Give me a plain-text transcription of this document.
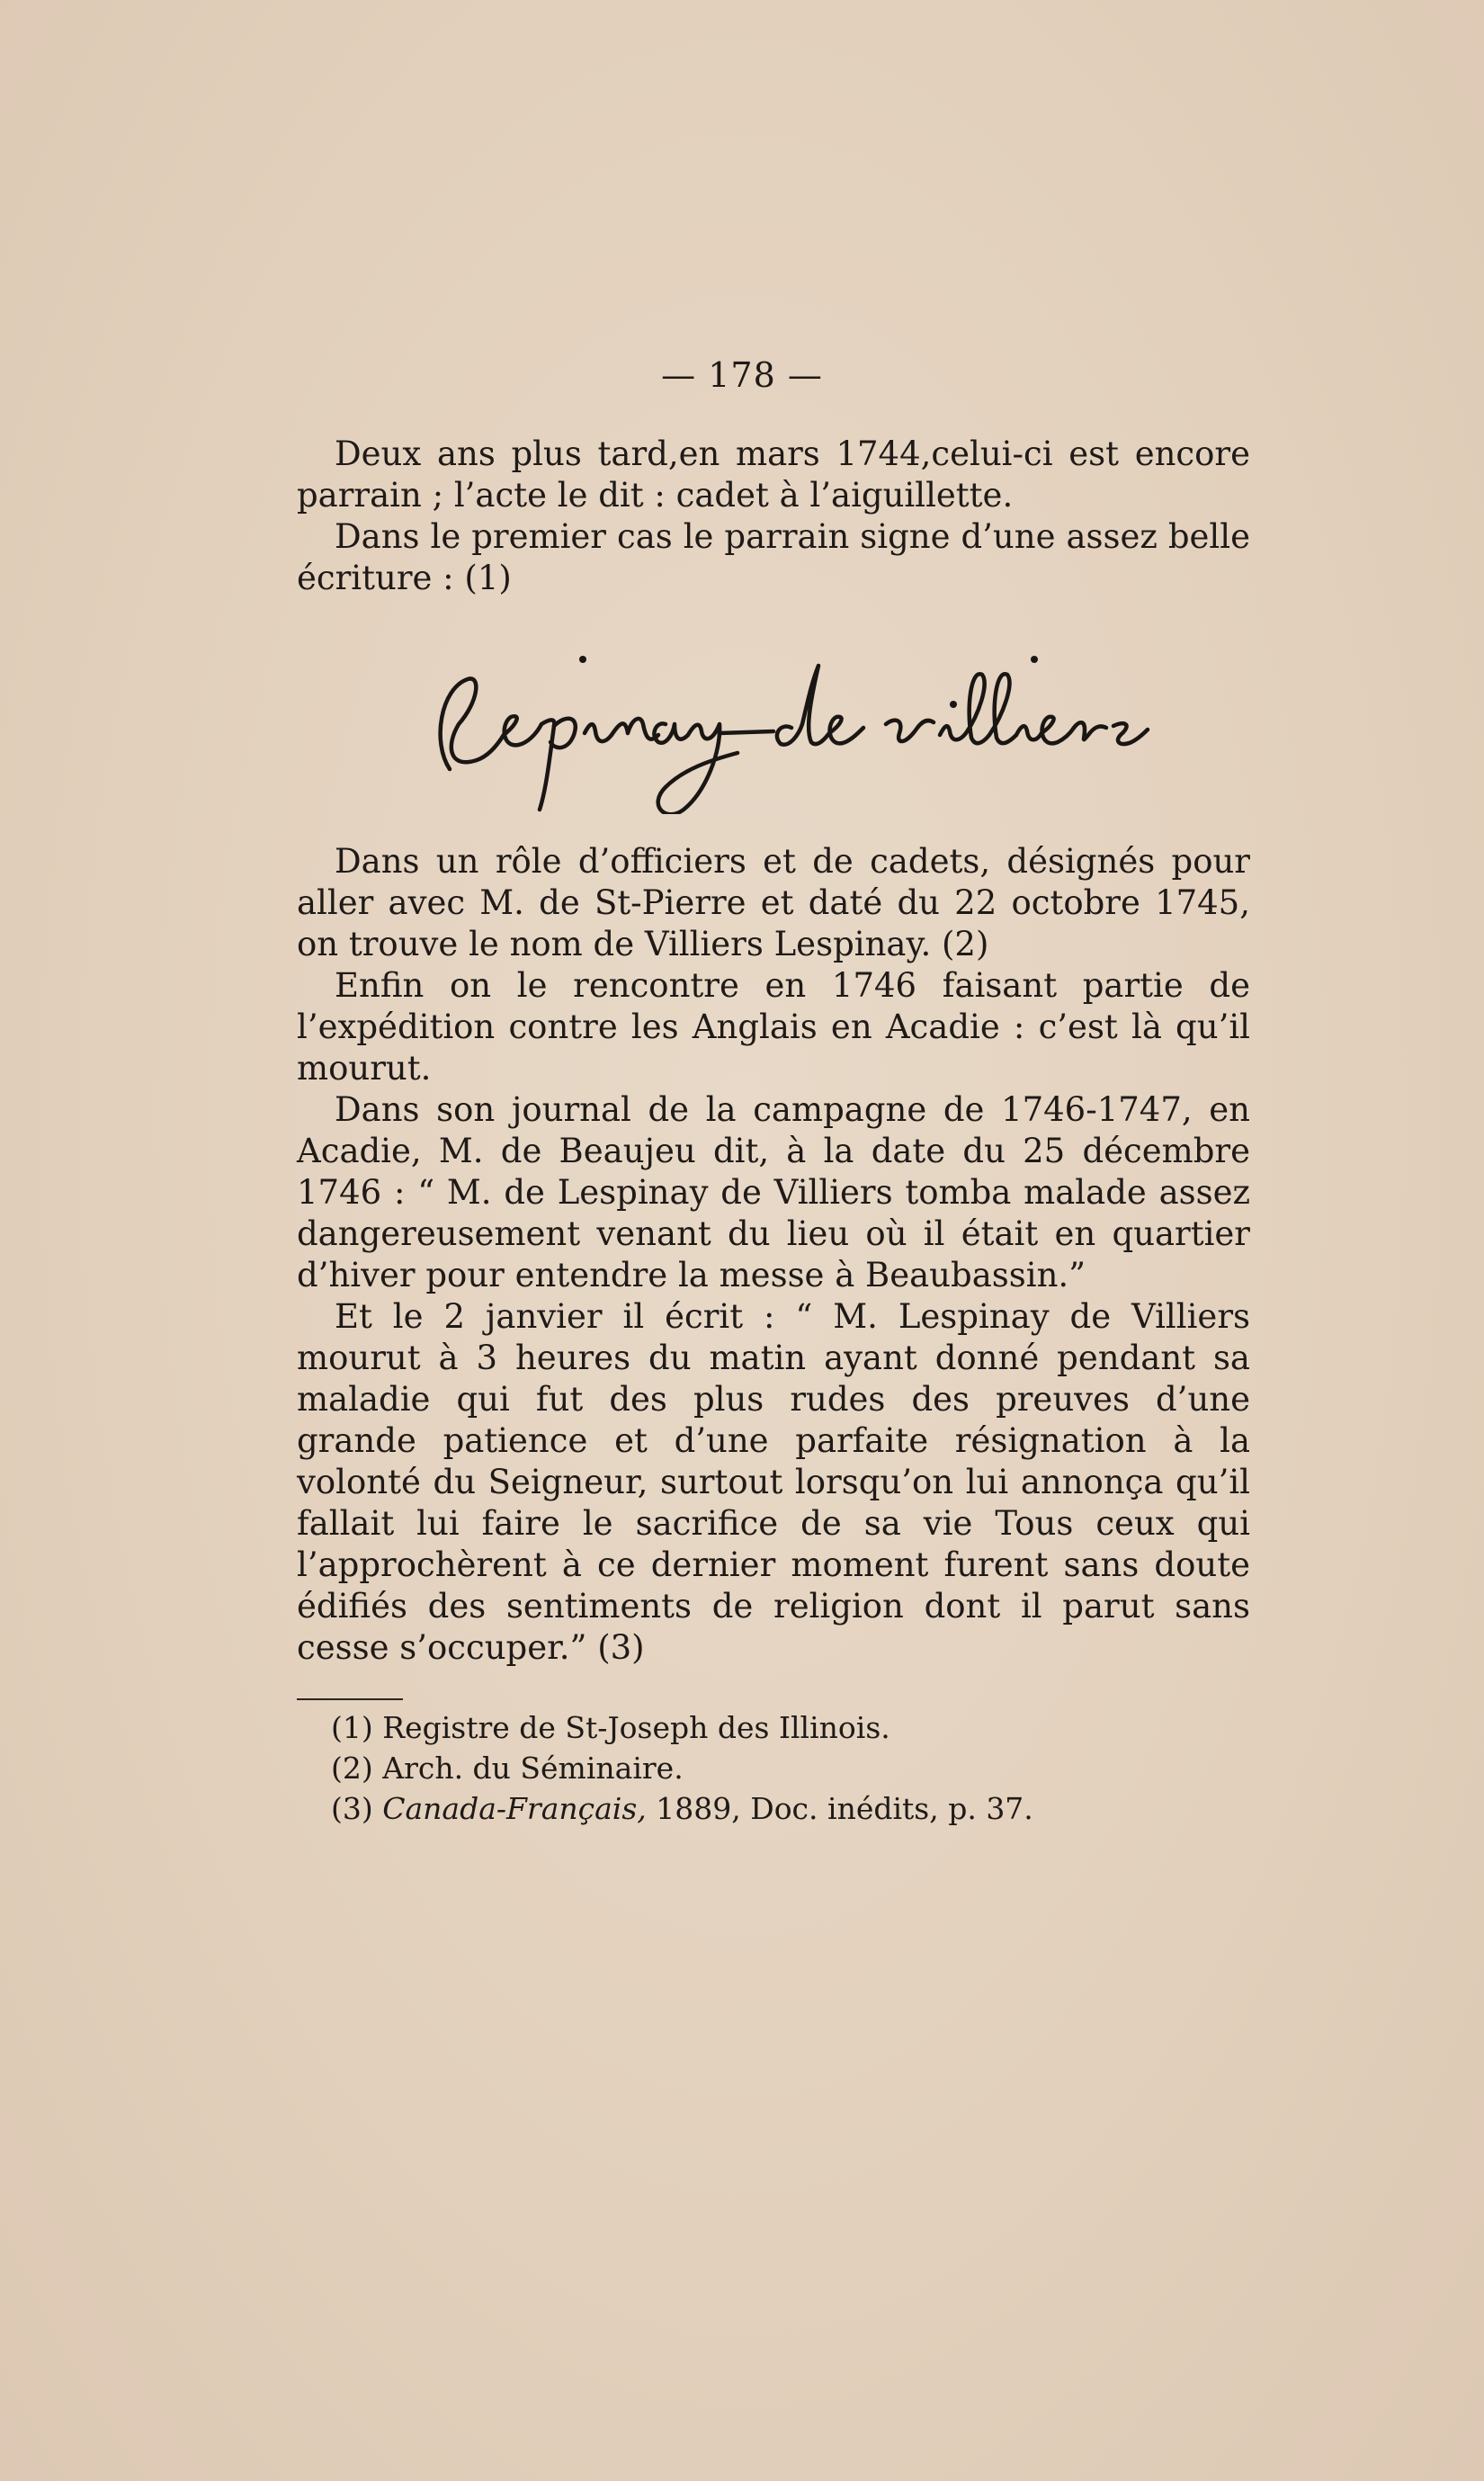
— 178 —

Deux ans plus tard,en mars 1744,celui-ci est encore parrain ; l’acte le dit : cadet à l’aiguillette.

Dans le premier cas le parrain signe d’une assez belle écriture : (1)

Dans un rôle d’officiers et de cadets, désignés pour aller avec M. de St-Pierre et daté du 22 octobre 1745, on trouve le nom de Villiers Lespinay. (2)

Enfin on le rencontre en 1746 faisant partie de l’expédition contre les Anglais en Acadie : c’est là qu’il mourut.

Dans son journal de la campagne de 1746-1747, en Acadie, M. de Beaujeu dit, à la date du 25 décembre 1746 : “ M. de Lespinay de Villiers tomba malade assez dangereusement venant du lieu où il était en quartier d’hiver pour entendre la messe à Beaubassin.”

Et le 2 janvier il écrit : “ M. Lespinay de Villiers mourut à 3 heures du matin ayant donné pendant sa maladie qui fut des plus rudes des preuves d’une grande patience et d’une parfaite résignation à la volonté du Seigneur, surtout lorsqu’on lui annonça qu’il fallait lui faire le sacrifice de sa vie Tous ceux qui l’approchèrent à ce dernier moment furent sans doute édifiés des sentiments de religion dont il parut sans cesse s’occuper.” (3)

(1) Registre de St-Joseph des Illinois.
(2) Arch. du Séminaire.
(3) Canada-Français, 1889, Doc. inédits, p. 37.
